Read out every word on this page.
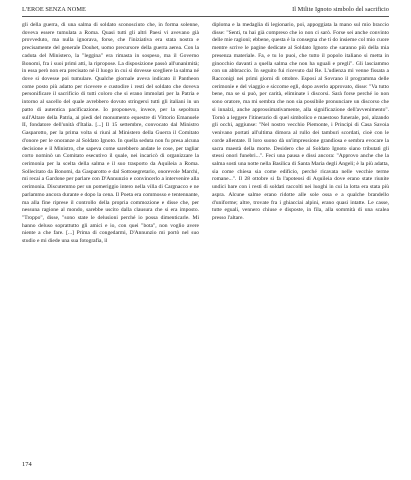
L'EROE SENZA NOME	Il Milite Ignoto simbolo del sacrificio

gli della guerra, di una salma di soldato sconosciuto che, in forma solenne, doveva essere tumulata a Roma. Quasi tutti gli altri Paesi vi avevano già provveduto, ma nulla ignorava, forse, che l'iniziativa era stata nostra e precisamente del generale Douhet, uomo precursore della guerra aerea. Con la caduta del Ministero, la "leggina" era rimasta in sospeso, ma il Governo Bonomi, fra i suoi primi atti, la ripropose. La disposizione passò all'unanimità; in essa però non era precisato né il luogo in cui si dovesse scegliere la salma né dove si dovesse poi tumulare. Qualche giornale aveva indicato il Pantheon come posto più adatto per ricevere e custodire i resti del soldato che doveva personificare il sacrificio di tutti coloro che si erano immolati per la Patria e intorno al sacello del quale avrebbero dovuto stringersi tutti gli italiani in un patto di autentica pacificazione. Io proponevo, invece, per la sepoltura sull'Altare della Patria, ai piedi del monumento equestre di Vittorio Emanuele II, fondatore dell'unità d'Italia. [...] Il 15 settembre, convocato dal Ministro Gasparotto, per la prima volta si riunì al Ministero della Guerra il Comitato d'onore per le onoranze al Soldato Ignoto. In quella seduta non fu presa alcuna decisione e il Ministro, che sapeva come sarebbero andate le cose, per tagliar corto nominò un Comitato esecutivo il quale, nei incaricò di organizzare la cerimonia per la scelta della salma e il suo trasporto da Aquileia a Roma. Sollecitato da Bonomi, da Gasparotto e dal Sottosegretario, onorevole Marchi, mi recai a Gardone per parlare con D'Annunzio e convincerlo a intervenire alla cerimonia. Discutemmo per un pomeriggio intero nella villa di Cargnacco e ne parlammo ancora durante e dopo la cena. Il Poeta era commosso e tentennante, ma alla fine riprese il controllo della propria commozione e disse che, per nessuna ragione al mondo, sarebbe uscito dalla clausura che si era imposto. "Troppo", disse, "sono state le delusioni perché io possa dimenticarle. Mi hanno deluso soprattutto gli amici e io, con quei "bota", non voglio avere niente a che fare. [...] Prima di congedarmi, D'Annunzio mi portò nel suo studio e mi diede una sua fotografia, il

diploma e la medaglia di legionario, poi, appoggiata la mano sul mio braccio disse: "Senti, tu hai già compreso che io non ci sarò. Forse sei anche convinto delle mie ragioni; ebbene, questa è la consegna che ti do insieme col mio cuore mentre scrive le pagine dedicate al Soldato Ignoto che saranno più della mia presenza materiale. Fa, e tu lo puoi, che tutto il popolo italiano si metta in ginocchio davanti a quella salma che non ha uguali e pregli". Gli lasciammo con un abbraccio. In seguito fui ricevuto dal Re. L'udienza mi venne fissata a Racconigi nei primi giorni di ottobre. Esposi al Sovrano il programma delle cerimonie e del viaggio e siccome egli, dopo averlo approvato, disse: "Va tutto bene, ma se si può, per carità, eliminate i discorsi. Sarà forse perché io non sono oratore, ma mi sembra che non sia possibile pronunciare un discorso che si innalzi, anche approssimativamente, alla significazione dell'avvenimento". Tornò a leggere l'itinerario di quel simbolico e maestoso funerale, poi, alzando gli occhi, aggiunse: "Nel nostro vecchio Piemonte, i Principi di Casa Savoia venivano portati all'ultima dimora al rullo dei tamburi scordati, cioè con le corde allentate. Il loro suono dà un'impressione grandiosa e sembra evocare la sacra maestà della morte. Desidero che al Soldato Ignoto siano tributati gli stessi onori funebri...". Feci una pausa e dissi ancora: "Approvo anche che la salma sosti una notte nella Basilica di Santa Maria degli Angeli; è la più adatta, sia come chiesa sia come edificio, perché ricavata nelle vecchie terme romane...". Il 28 ottobre si fa l'apoteosi di Aquileia dove erano state riunite undici bare con i resti di soldati raccolti nei luoghi in cui la lotta era stata più aspra. Alcune salme erano ridotte alle sole ossa e a qualche brandello d'uniforme; altre, trovate fra i ghiacciai alpini, erano quasi intatte. Le casse, tutte eguali, vennero chiuse e disposte, in fila, alla sommità di una scalea presso l'altare.

174
